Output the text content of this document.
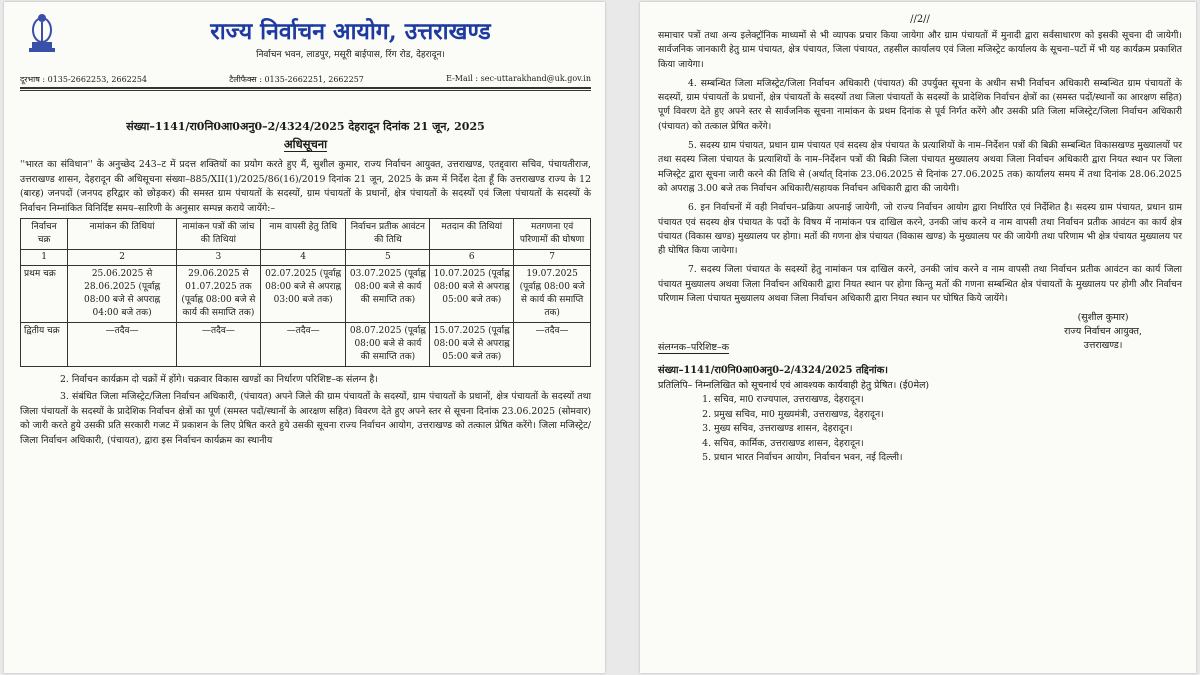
राज्य निर्वाचन आयोग, उत्तराखण्ड
निर्वाचन भवन, लाडपुर, मसूरी बाईपास, रिंग रोड, देहरादून।
दूरभाष : 0135-2662253, 2662254	टैलीफैक्स : 0135-2662251, 2662257	E-Mail : sec-uttarakhand@uk.gov.in
संख्या–1141/रा0नि0आ0अनु0–2/4324/2025 देहरादून दिनांक 21 जून, 2025
अधिसूचना

''भारत का संविधान'' के अनुच्छेद 243–ट में प्रदत्त शक्तियों का प्रयोग करते हुए मैं, सुशील कुमार, राज्य निर्वाचन आयुक्त, उत्तराखण्ड, एतद्द्वारा सचिव, पंचायतीराज, उत्तराखण्ड शासन, देहरादून की अधिसूचना संख्या–885/XII(1)/2025/86(16)/2019 दिनांक 21 जून, 2025 के क्रम में निर्देश देता हूँ कि उत्तराखण्ड राज्य के 12 (बारह) जनपदों (जनपद हरिद्वार को छोड़कर) की समस्त ग्राम पंचायतों के सदस्यों, ग्राम पंचायतों के प्रधानों, क्षेत्र पंचायतों के सदस्यों एवं जिला पंचायतों के सदस्यों के निर्वाचन निम्नांकित विनिर्दिष्ट समय–सारिणी के अनुसार सम्पन्न कराये जायेंगे:–

निर्वाचन चक्र	नामांकन की तिथियां	नामांकन पत्रों की जांच की तिथियां	नाम वापसी हेतु तिथि	निर्वाचन प्रतीक आवंटन की तिथि	मतदान की तिथियां	मतगणना एवं परिणामों की घोषणा
1	2	3	4	5	6	7
प्रथम चक्र	25.06.2025 से 28.06.2025 (पूर्वाह्न 08:00 बजे से अपराह्न 04:00 बजे तक)	29.06.2025 से 01.07.2025 तक (पूर्वाह्न 08:00 बजे से कार्य की समाप्ति तक)	02.07.2025 (पूर्वाह्न 08:00 बजे से अपराह्न 03:00 बजे तक)	03.07.2025 (पूर्वाह्न 08:00 बजे से कार्य की समाप्ति तक)	10.07.2025 (पूर्वाह्न 08:00 बजे से अपराह्न 05:00 बजे तक)	19.07.2025 (पूर्वाह्न 08:00 बजे से कार्य की समाप्ति तक)
द्वितीय चक्र	—तदैव—	—तदैव—	—तदैव—	08.07.2025 (पूर्वाह्न 08:00 बजे से कार्य की समाप्ति तक)	15.07.2025 (पूर्वाह्न 08:00 बजे से अपराह्न 05:00 बजे तक)	—तदैव—

2. निर्वाचन कार्यक्रम दो चक्रों में होंगे। चक्रवार विकास खण्डों का निर्धारण परिशिष्ट–क संलग्न है।

3. संबंधित जिला मजिस्ट्रेट/जिला निर्वाचन अधिकारी, (पंचायत) अपने जिले की ग्राम पंचायतों के सदस्यों, ग्राम पंचायतों के प्रधानों, क्षेत्र पंचायतों के सदस्यों तथा जिला पंचायतों के सदस्यों के प्रादेशिक निर्वाचन क्षेत्रों का पूर्ण (समस्त पदों/स्थानों के आरक्षण सहित) विवरण देते हुए अपने स्तर से सूचना दिनांक 23.06.2025 (सोमवार) को जारी करते हुये उसकी प्रति सरकारी गजट में प्रकाशन के लिए प्रेषित करते हुये उसकी सूचना राज्य निर्वाचन आयोग, उत्तराखण्ड को तत्काल प्रेषित करेंगे। जिला मजिस्ट्रेट/जिला निर्वाचन अधिकारी, (पंचायत), द्वारा इस निर्वाचन कार्यक्रम का स्थानीय

//2//

समाचार पत्रों तथा अन्य इलेक्ट्रॉनिक माध्यमों से भी व्यापक प्रचार किया जायेगा और ग्राम पंचायतों में मुनादी द्वारा सर्वसाधारण को इसकी सूचना दी जायेगी। सार्वजनिक जानकारी हेतु ग्राम पंचायत, क्षेत्र पंचायत, जिला पंचायत, तहसील कार्यालय एवं जिला मजिस्ट्रेट कार्यालय के सूचना–पटों में भी यह कार्यक्रम प्रकाशित किया जायेगा।

4. सम्बन्धित जिला मजिस्ट्रेट/जिला निर्वाचन अधिकारी (पंचायत) की उपर्युक्त सूचना के अधीन सभी निर्वाचन अधिकारी सम्बन्धित ग्राम पंचायतों के सदस्यों, ग्राम पंचायतों के प्रधानों, क्षेत्र पंचायतों के सदस्यों तथा जिला पंचायतों के सदस्यों के प्रादेशिक निर्वाचन क्षेत्रों का (समस्त पदों/स्थानों का आरक्षण सहित) पूर्ण विवरण देते हुए अपने स्तर से सार्वजनिक सूचना नामांकन के प्रथम दिनांक से पूर्व निर्गत करेंगे और उसकी प्रति जिला मजिस्ट्रेट/जिला निर्वाचन अधिकारी (पंचायत) को तत्काल प्रेषित करेंगे।

5. सदस्य ग्राम पंचायत, प्रधान ग्राम पंचायत एवं सदस्य क्षेत्र पंचायत के प्रत्याशियों के नाम–निर्देशन पत्रों की बिक्री सम्बन्धित विकासखण्ड मुख्यालयों पर तथा सदस्य जिला पंचायत के प्रत्याशियों के नाम–निर्देशन पत्रों की बिक्री जिला पंचायत मुख्यालय अथवा जिला निर्वाचन अधिकारी द्वारा नियत स्थान पर जिला मजिस्ट्रेट द्वारा सूचना जारी करने की तिथि से (अर्थात् दिनांक 23.06.2025 से दिनांक 27.06.2025 तक) कार्यालय समय में तथा दिनांक 28.06.2025 को अपराह्न 3.00 बजे तक निर्वाचन अधिकारी/सहायक निर्वाचन अधिकारी द्वारा की जायेगी।

6. इन निर्वाचनों में वही निर्वाचन–प्रक्रिया अपनाई जायेगी, जो राज्य निर्वाचन आयोग द्वारा निर्धारित एवं निर्देशित है। सदस्य ग्राम पंचायत, प्रधान ग्राम पंचायत एवं सदस्य क्षेत्र पंचायत के पदों के विषय में नामांकन पत्र दाखिल करने, उनकी जांच करने व नाम वापसी तथा निर्वाचन प्रतीक आवंटन का कार्य क्षेत्र पंचायत (विकास खण्ड) मुख्यालय पर होगा। मतों की गणना क्षेत्र पंचायत (विकास खण्ड) के मुख्यालय पर की जायेगी तथा परिणाम भी क्षेत्र पंचायत मुख्यालय पर ही घोषित किया जायेगा।

7. सदस्य जिला पंचायत के सदस्यों हेतु नामांकन पत्र दाखिल करने, उनकी जांच करने व नाम वापसी तथा निर्वाचन प्रतीक आवंटन का कार्य जिला पंचायत मुख्यालय अथवा जिला निर्वाचन अधिकारी द्वारा नियत स्थान पर होगा किन्तु मतों की गणना सम्बन्धित क्षेत्र पंचायतों के मुख्यालय पर होगी और निर्वाचन परिणाम जिला पंचायत मुख्यालय अथवा जिला निर्वाचन अधिकारी द्वारा नियत स्थान पर घोषित किये जायेंगे।

संलग्नक–परिशिष्ट–क
(सुशील कुमार)
राज्य निर्वाचन आयुक्त,
उत्तराखण्ड।
संख्या–1141/रा0नि0आ0अनु0–2/4324/2025 तद्दिनांक।
प्रतिलिपि– निम्नलिखित को सूचनार्थ एवं आवश्यक कार्यवाही हेतु प्रेषित। (ई0मेल)
1. सचिव, मा0 राज्यपाल, उत्तराखण्ड, देहरादून।
2. प्रमुख सचिव, मा0 मुख्यमंत्री, उत्तराखण्ड, देहरादून।
3. मुख्य सचिव, उत्तराखण्ड शासन, देहरादून।
4. सचिव, कार्मिक, उत्तराखण्ड शासन, देहरादून।
5. प्रधान भारत निर्वाचन आयोग, निर्वाचन भवन, नई दिल्ली।
